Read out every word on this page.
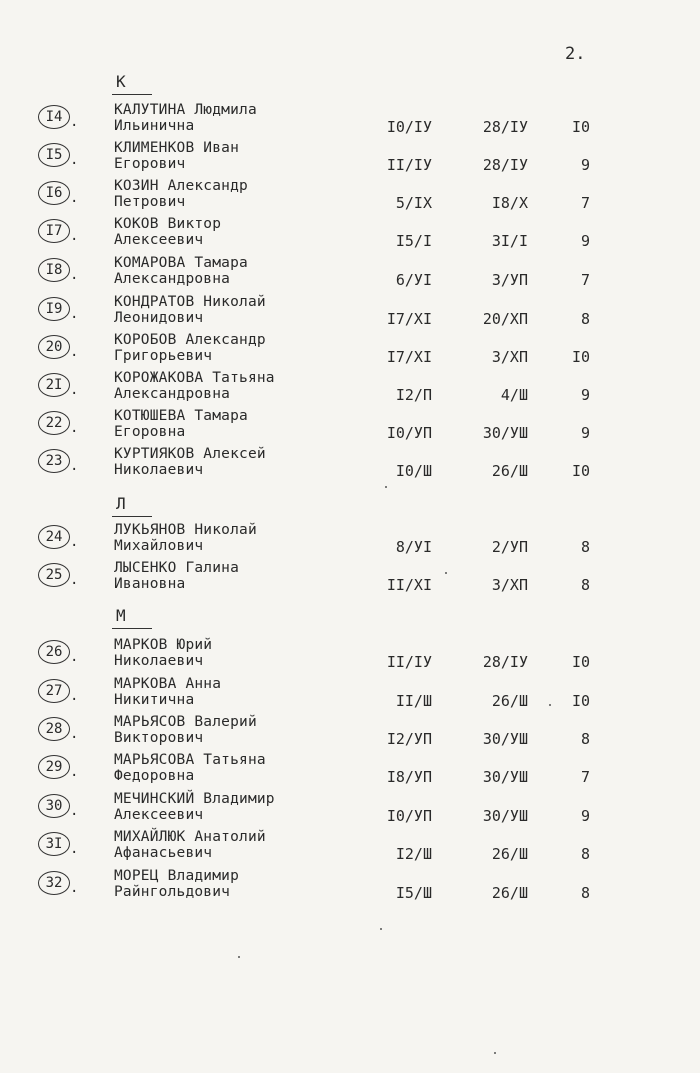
2.
К
I4 .
КАЛУТИНА Людмила
Ильинична	I0/IУ	28/IУ	I0
I5 .
КЛИМЕНКОВ Иван
Егорович	II/IУ	28/IУ	9
I6 .
КОЗИН Александр
Петрович	5/IX	I8/X	7
I7 .
КОКОВ Виктор
Алексеевич	I5/I	3I/I	9
I8 .
КОМАРОВА Тамара
Александровна	6/УI	3/УП	7
I9 .
КОНДРАТОВ Николай
Леонидович	I7/XI	20/XП	8
20 .
КОРОБОВ Александр
Григорьевич	I7/XI	3/XП	I0
2I .
КОРОЖАКОВА Татьяна
Александровна	I2/П	4/Ш	9
22 .
КОТЮШЕВА Тамара
Егоровна	I0/УП	30/УШ	9
23 .
КУРТИЯКОВ Алексей
Николаевич	I0/Ш	26/Ш	I0
Л
24 .
ЛУКЬЯНОВ Николай
Михайлович	8/УI	2/УП	8
25 .
ЛЫСЕНКО Галина
Ивановна	II/XI	3/XП	8
М
26 .
МАРКОВ Юрий
Николаевич	II/IУ	28/IУ	I0
27 .
МАРКОВА Анна
Никитична	II/Ш	26/Ш	I0
28 .
МАРЬЯСОВ Валерий
Викторович	I2/УП	30/УШ	8
29 .
МАРЬЯСОВА Татьяна
Федоровна	I8/УП	30/УШ	7
30 .
МЕЧИНСКИЙ Владимир
Алексеевич	I0/УП	30/УШ	9
3I .
МИХАЙЛЮК Анатолий
Афанасьевич	I2/Ш	26/Ш	8
32 .
МОРЕЦ Владимир
Райнгольдович	I5/Ш	26/Ш	8
